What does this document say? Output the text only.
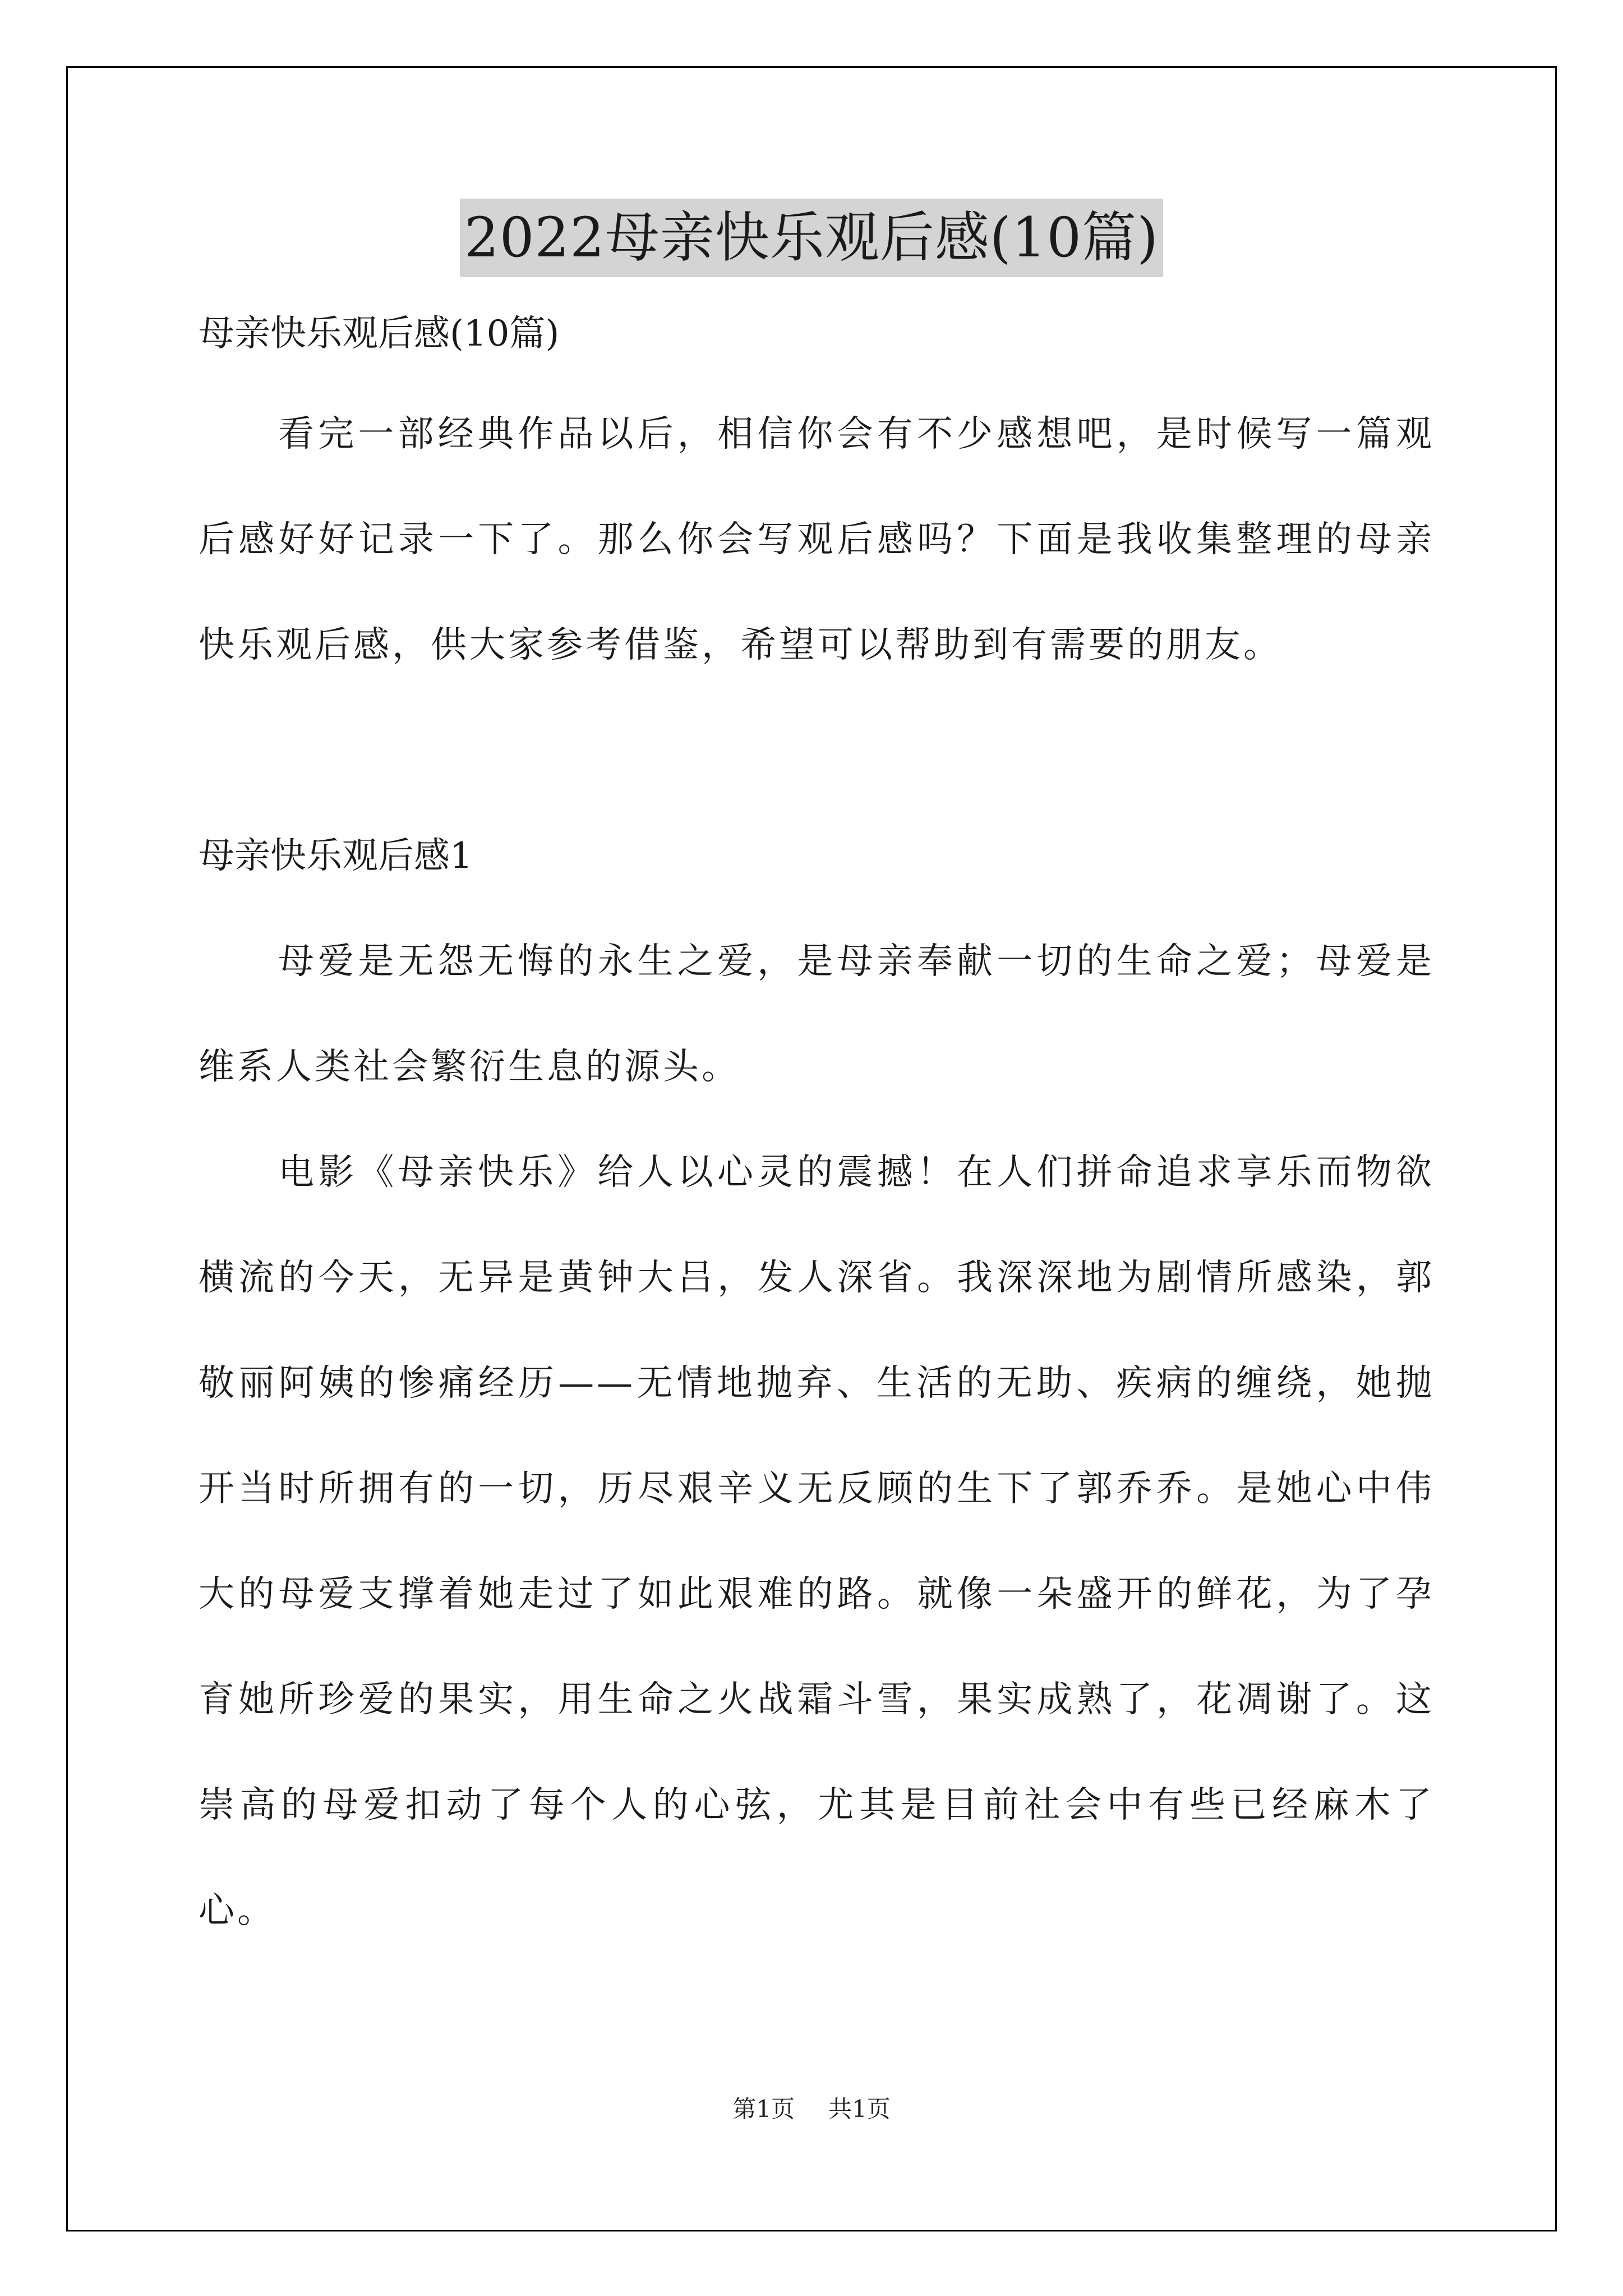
2022母亲快乐观后感(10篇)

母亲快乐观后感(10篇)

看完一部经典作品以后，相信你会有不少感想吧，是时候写一篇观后感好好记录一下了。那么你会写观后感吗？下面是我收集整理的母亲快乐观后感，供大家参考借鉴，希望可以帮助到有需要的朋友。

母亲快乐观后感1

母爱是无怨无悔的永生之爱，是母亲奉献一切的生命之爱；母爱是维系人类社会繁衍生息的源头。

电影《母亲快乐》给人以心灵的震撼！在人们拼命追求享乐而物欲横流的今天，无异是黄钟大吕，发人深省。我深深地为剧情所感染，郭敬丽阿姨的惨痛经历——无情地抛弃、生活的无助、疾病的缠绕，她抛开当时所拥有的一切，历尽艰辛义无反顾的生下了郭乔乔。是她心中伟大的母爱支撑着她走过了如此艰难的路。就像一朵盛开的鲜花，为了孕育她所珍爱的果实，用生命之火战霜斗雪，果实成熟了，花凋谢了。这崇高的母爱扣动了每个人的心弦，尤其是目前社会中有些已经麻木了心。

第1页 共1页
